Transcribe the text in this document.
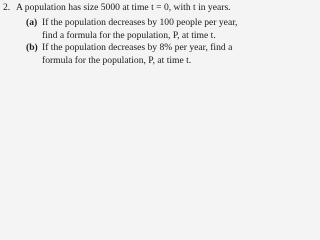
2. A population has size 5000 at time t = 0, with t in years.
(a) If the population decreases by 100 people per year,
find a formula for the population, P, at time t.
(b) If the population decreases by 8% per year, find a
formula for the population, P, at time t.
